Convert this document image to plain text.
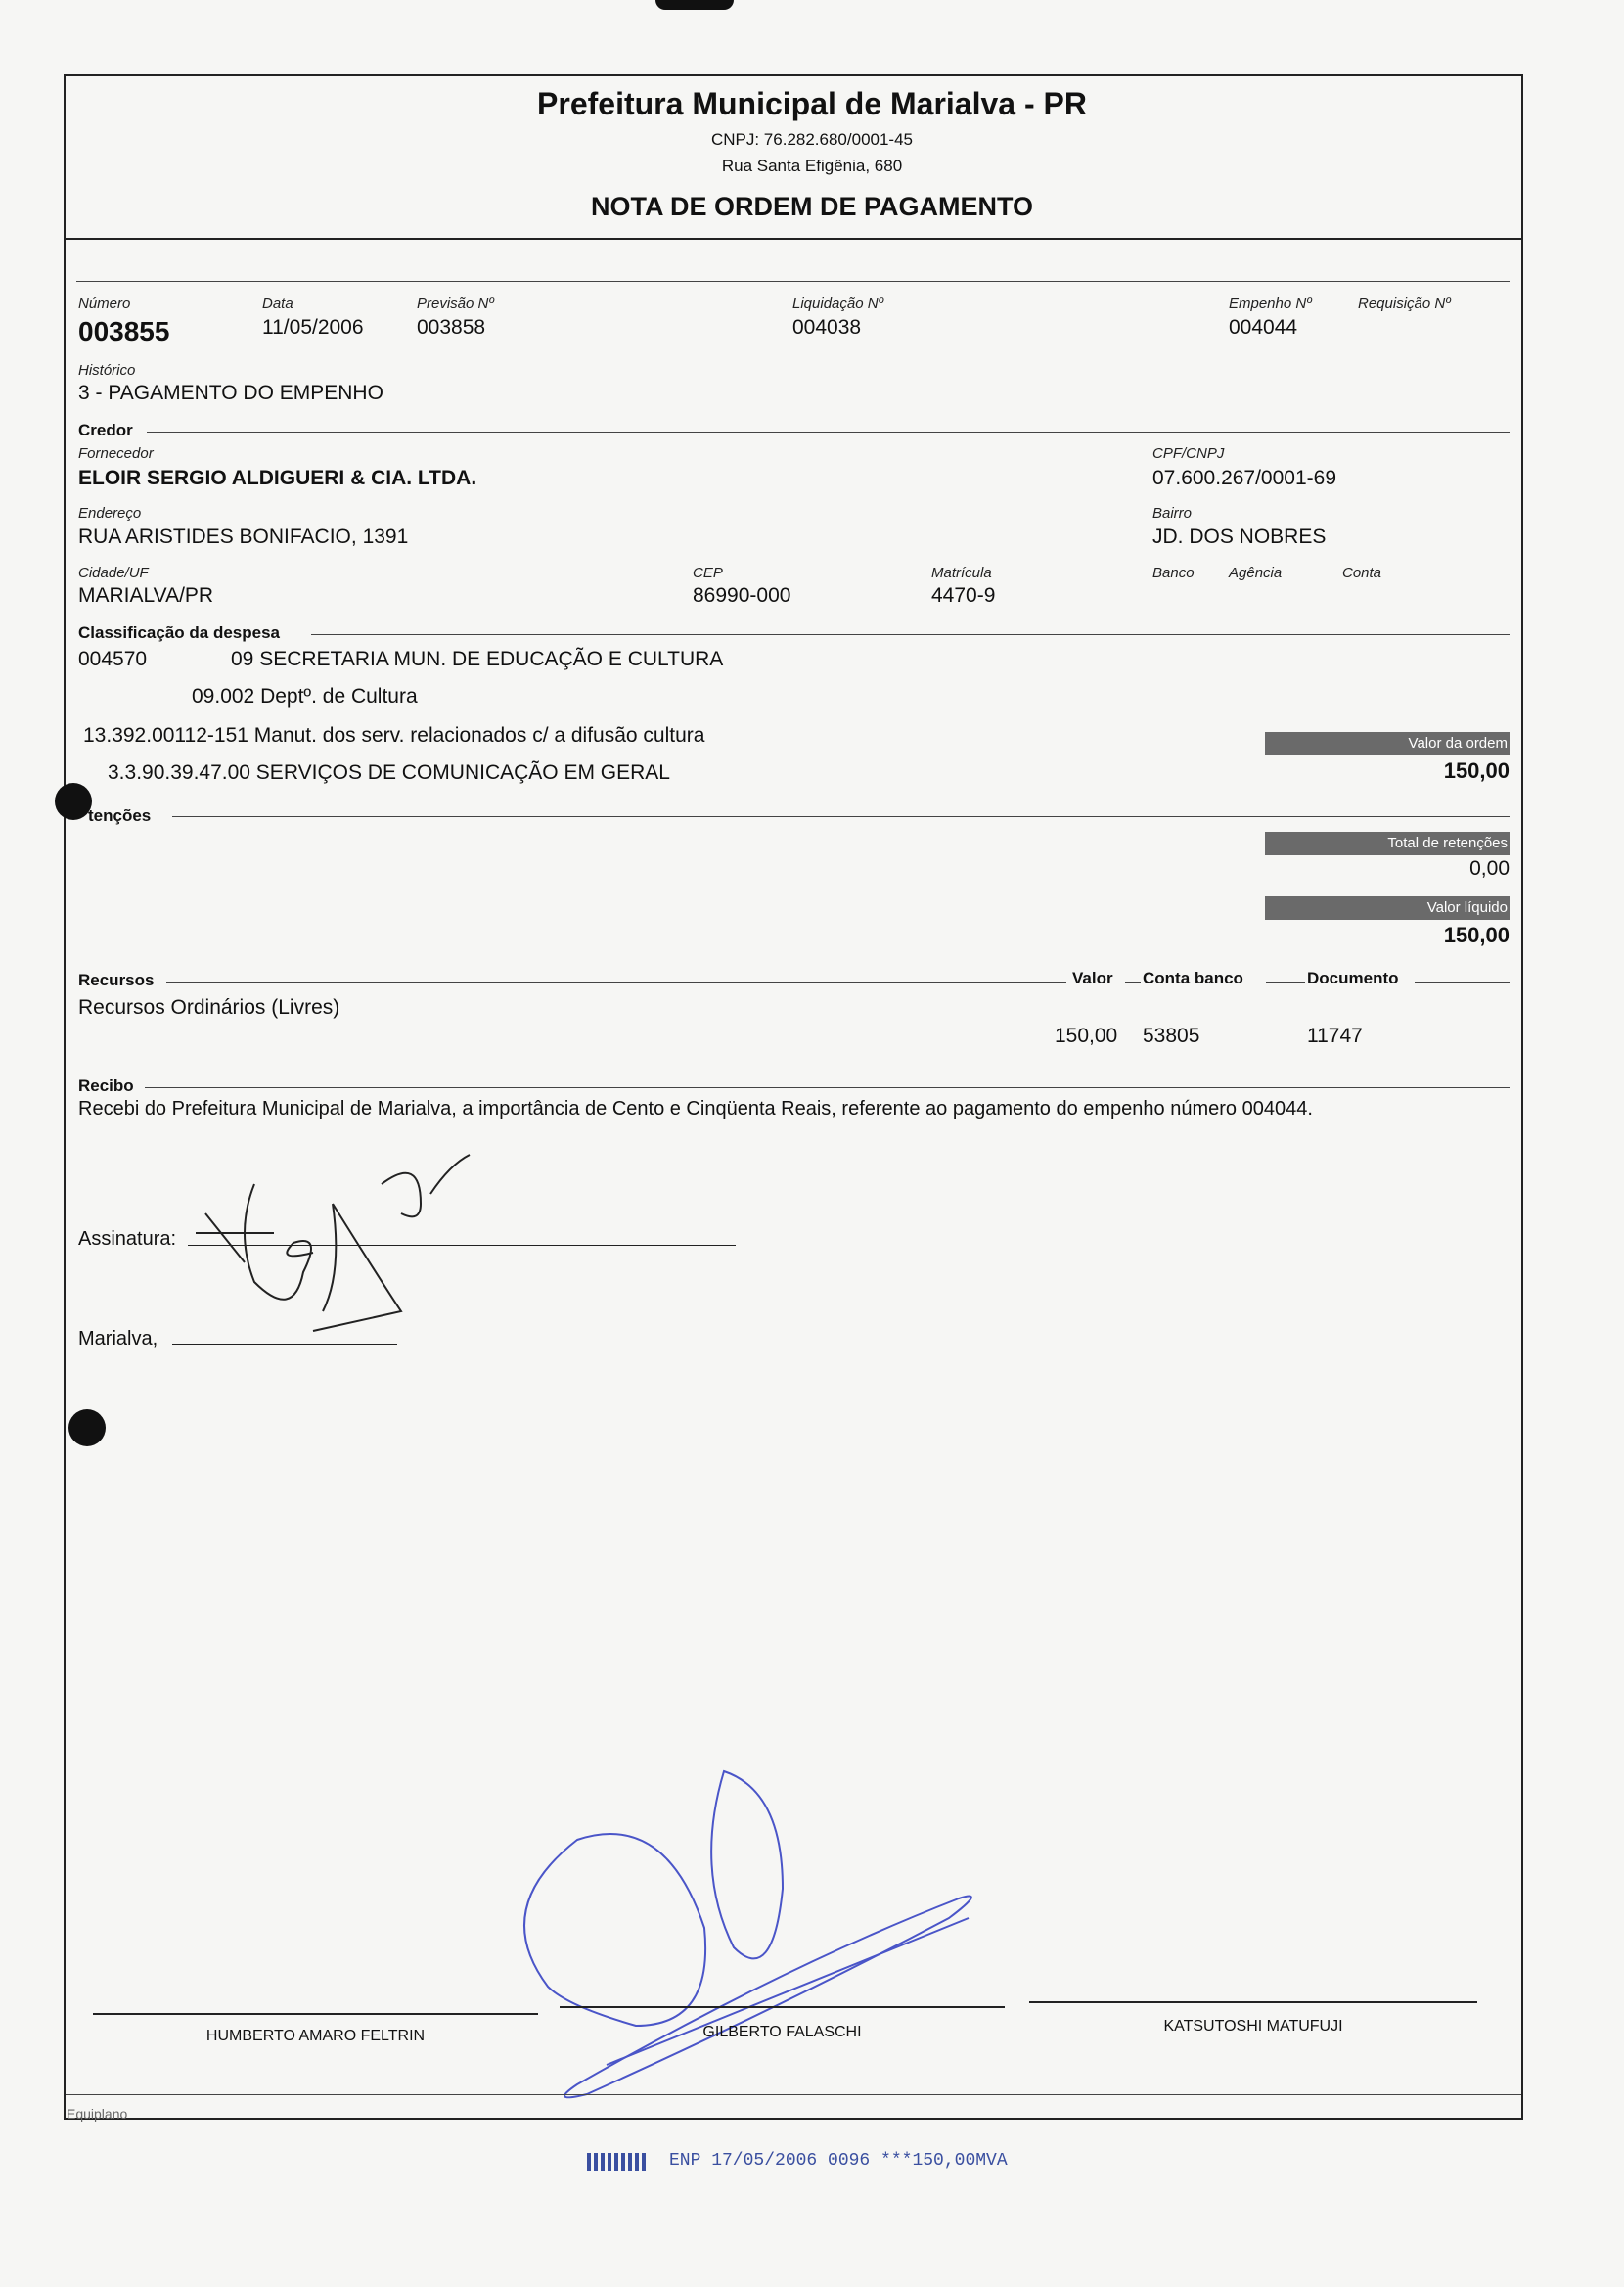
Prefeitura Municipal de Marialva - PR
CNPJ: 76.282.680/0001-45
Rua Santa Efigênia, 680
NOTA DE ORDEM DE PAGAMENTO
Número
003855
Data
11/05/2006
Previsão Nº
003858
Liquidação Nº
004038
Empenho Nº
004044
Requisição Nº
Histórico
3 - PAGAMENTO DO EMPENHO
Credor
Fornecedor
ELOIR SERGIO ALDIGUERI & CIA. LTDA.
CPF/CNPJ
07.600.267/0001-69
Endereço
RUA ARISTIDES BONIFACIO, 1391
Bairro
JD. DOS NOBRES
Cidade/UF
MARIALVA/PR
CEP
86990-000
Matrícula
4470-9
Banco Agência	Conta
Classificação da despesa
004570	09 SECRETARIA MUN. DE EDUCAÇÃO E CULTURA
09.002 Deptº. de Cultura
13.392.00112-151 Manut. dos serv. relacionados c/ a difusão cultura
3.3.90.39.47.00 SERVIÇOS DE COMUNICAÇÃO EM GERAL
Valor da ordem
150,00
tenções
Total de retenções
0,00
Valor líquido
150,00
Recursos	Valor Conta banco	Documento
Recursos Ordinários (Livres)
150,00 53805	11747
Recibo
Recebi do Prefeitura Municipal de Marialva, a importância de Cento e Cinqüenta Reais, referente ao pagamento do empenho número 004044.
Assinatura:
Marialva,
HUMBERTO AMARO FELTRIN	GILBERTO FALASCHI	KATSUTOSHI MATUFUJI
Equiplano
ENP 17/05/2006 0096 ***150,00MVA
